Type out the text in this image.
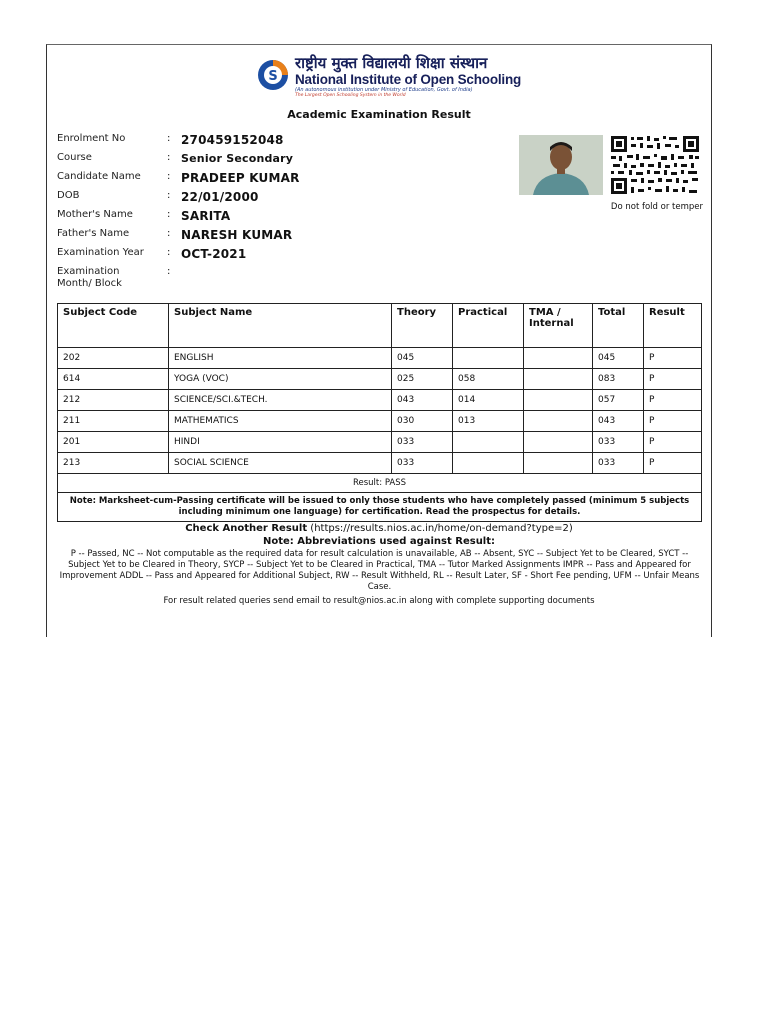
S
राष्ट्रीय मुक्त विद्यालयी शिक्षा संस्थान
National Institute of Open Schooling
(An autonomous institution under Ministry of Education, Govt. of India)
The Largest Open Schooling System in the World
Academic Examination Result
Enrolment No	: 270459152048
Course	: Senior Secondary
Candidate Name	: PRADEEP KUMAR
DOB	: 22/01/2000
Mother's Name	: SARITA
Father's Name	: NARESH KUMAR
Examination Year	: OCT-2021
Examination Month/ Block
:
Do not fold or temper
Subject Code	Subject Name	Theory	Practical	TMA / Internal	Total	Result
202	ENGLISH	045			045	P
614	YOGA (VOC)	025	058		083	P
212	SCIENCE/SCI.&TECH.	043	014		057	P
211	MATHEMATICS	030	013		043	P
201	HINDI	033			033	P
213	SOCIAL SCIENCE	033			033	P
Result: PASS						
Note: Marksheet-cum-Passing certificate will be issued to only those students who have completely passed (minimum 5 subjects including minimum one language) for certification. Read the prospectus for details.						
Check Another Result (https://results.nios.ac.in/home/on-demand?type=2)
Note: Abbreviations used against Result:
P -- Passed, NC -- Not computable as the required data for result calculation is unavailable, AB -- Absent, SYC -- Subject Yet to be Cleared, SYCT -- Subject Yet to be Cleared in Theory, SYCP -- Subject Yet to be Cleared in Practical, TMA -- Tutor Marked Assignments IMPR -- Pass and Appeared for Improvement ADDL -- Pass and Appeared for Additional Subject, RW -- Result Withheld, RL -- Result Later, SF - Short Fee pending, UFM -- Unfair Means Case.
For result related queries send email to result@nios.ac.in along with complete supporting documents
